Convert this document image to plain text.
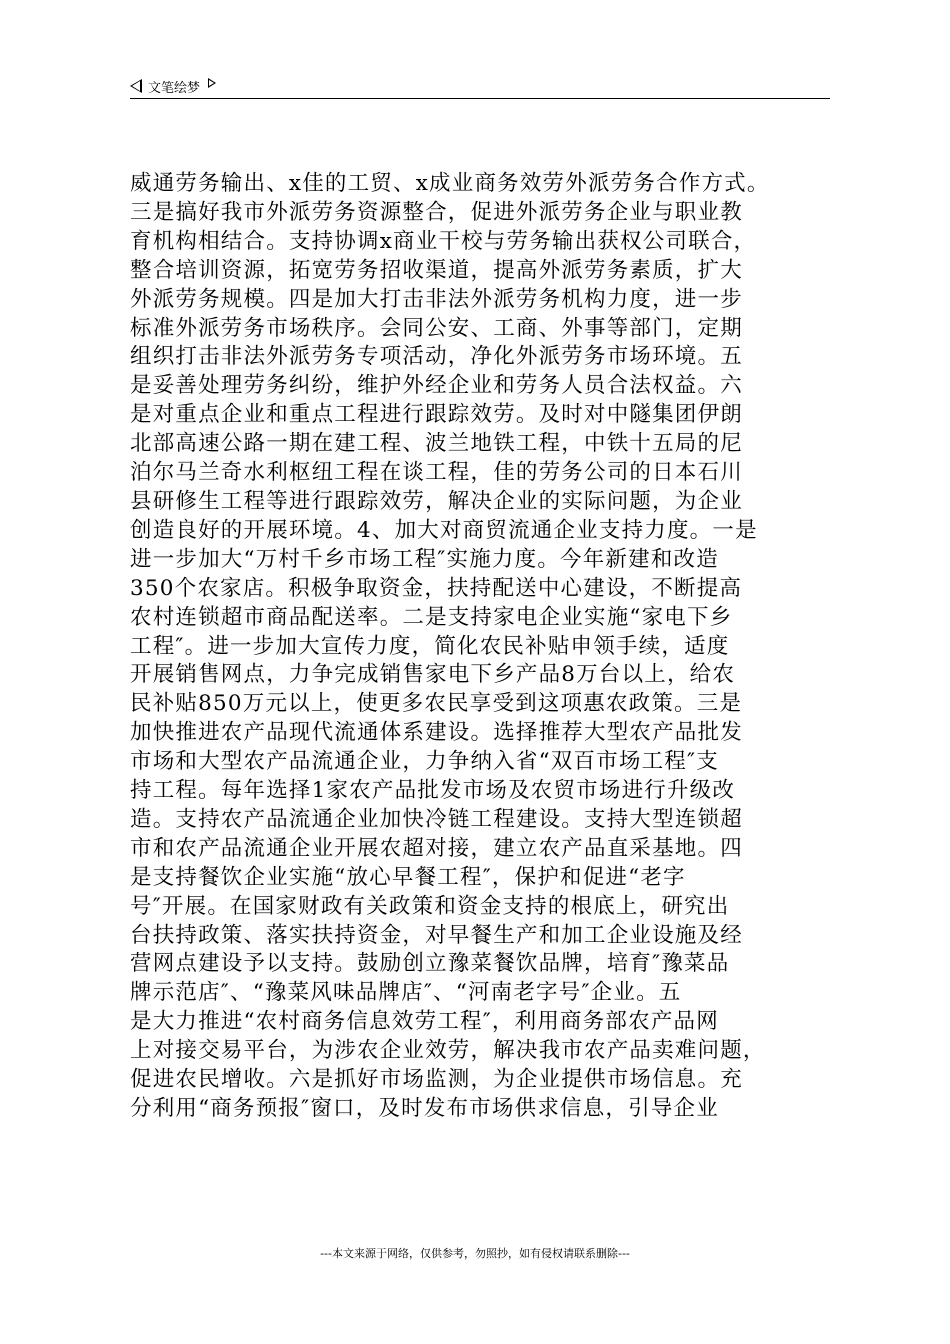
文笔绘梦
威通劳务输出、x佳的工贸、x成业商务效劳外派劳务合作方式。
三是搞好我市外派劳务资源整合，促进外派劳务企业与职业教
育机构相结合。支持协调x商业干校与劳务输出获权公司联合，
整合培训资源，拓宽劳务招收渠道，提高外派劳务素质，扩大
外派劳务规模。四是加大打击非法外派劳务机构力度，进一步
标准外派劳务市场秩序。会同公安、工商、外事等部门，定期
组织打击非法外派劳务专项活动，净化外派劳务市场环境。五
是妥善处理劳务纠纷，维护外经企业和劳务人员合法权益。六
是对重点企业和重点工程进行跟踪效劳。及时对中隧集团伊朗
北部高速公路一期在建工程、波兰地铁工程，中铁十五局的尼
泊尔马兰奇水利枢纽工程在谈工程，佳的劳务公司的日本石川
县研修生工程等进行跟踪效劳，解决企业的实际问题，为企业
创造良好的开展环境。4、加大对商贸流通企业支持力度。一是
进一步加大“万村千乡市场工程″实施力度。今年新建和改造
350个农家店。积极争取资金，扶持配送中心建设，不断提高
农村连锁超市商品配送率。二是支持家电企业实施“家电下乡
工程″。进一步加大宣传力度，简化农民补贴申领手续，适度
开展销售网点，力争完成销售家电下乡产品8万台以上，给农
民补贴850万元以上，使更多农民享受到这项惠农政策。三是
加快推进农产品现代流通体系建设。选择推荐大型农产品批发
市场和大型农产品流通企业，力争纳入省“双百市场工程″支
持工程。每年选择1家农产品批发市场及农贸市场进行升级改
造。支持农产品流通企业加快冷链工程建设。支持大型连锁超
市和农产品流通企业开展农超对接，建立农产品直采基地。四
是支持餐饮企业实施“放心早餐工程″，保护和促进“老字
号″开展。在国家财政有关政策和资金支持的根底上，研究出
台扶持政策、落实扶持资金，对早餐生产和加工企业设施及经
营网点建设予以支持。鼓励创立豫菜餐饮品牌，培育″豫菜品
牌示范店″、“豫菜风味品牌店″、“河南老字号″企业。五
是大力推进“农村商务信息效劳工程″，利用商务部农产品网
上对接交易平台，为涉农企业效劳，解决我市农产品卖难问题，
促进农民增收。六是抓好市场监测，为企业提供市场信息。充
分利用“商务预报″窗口，及时发布市场供求信息，引导企业
---本文来源于网络，仅供参考，勿照抄，如有侵权请联系删除---
